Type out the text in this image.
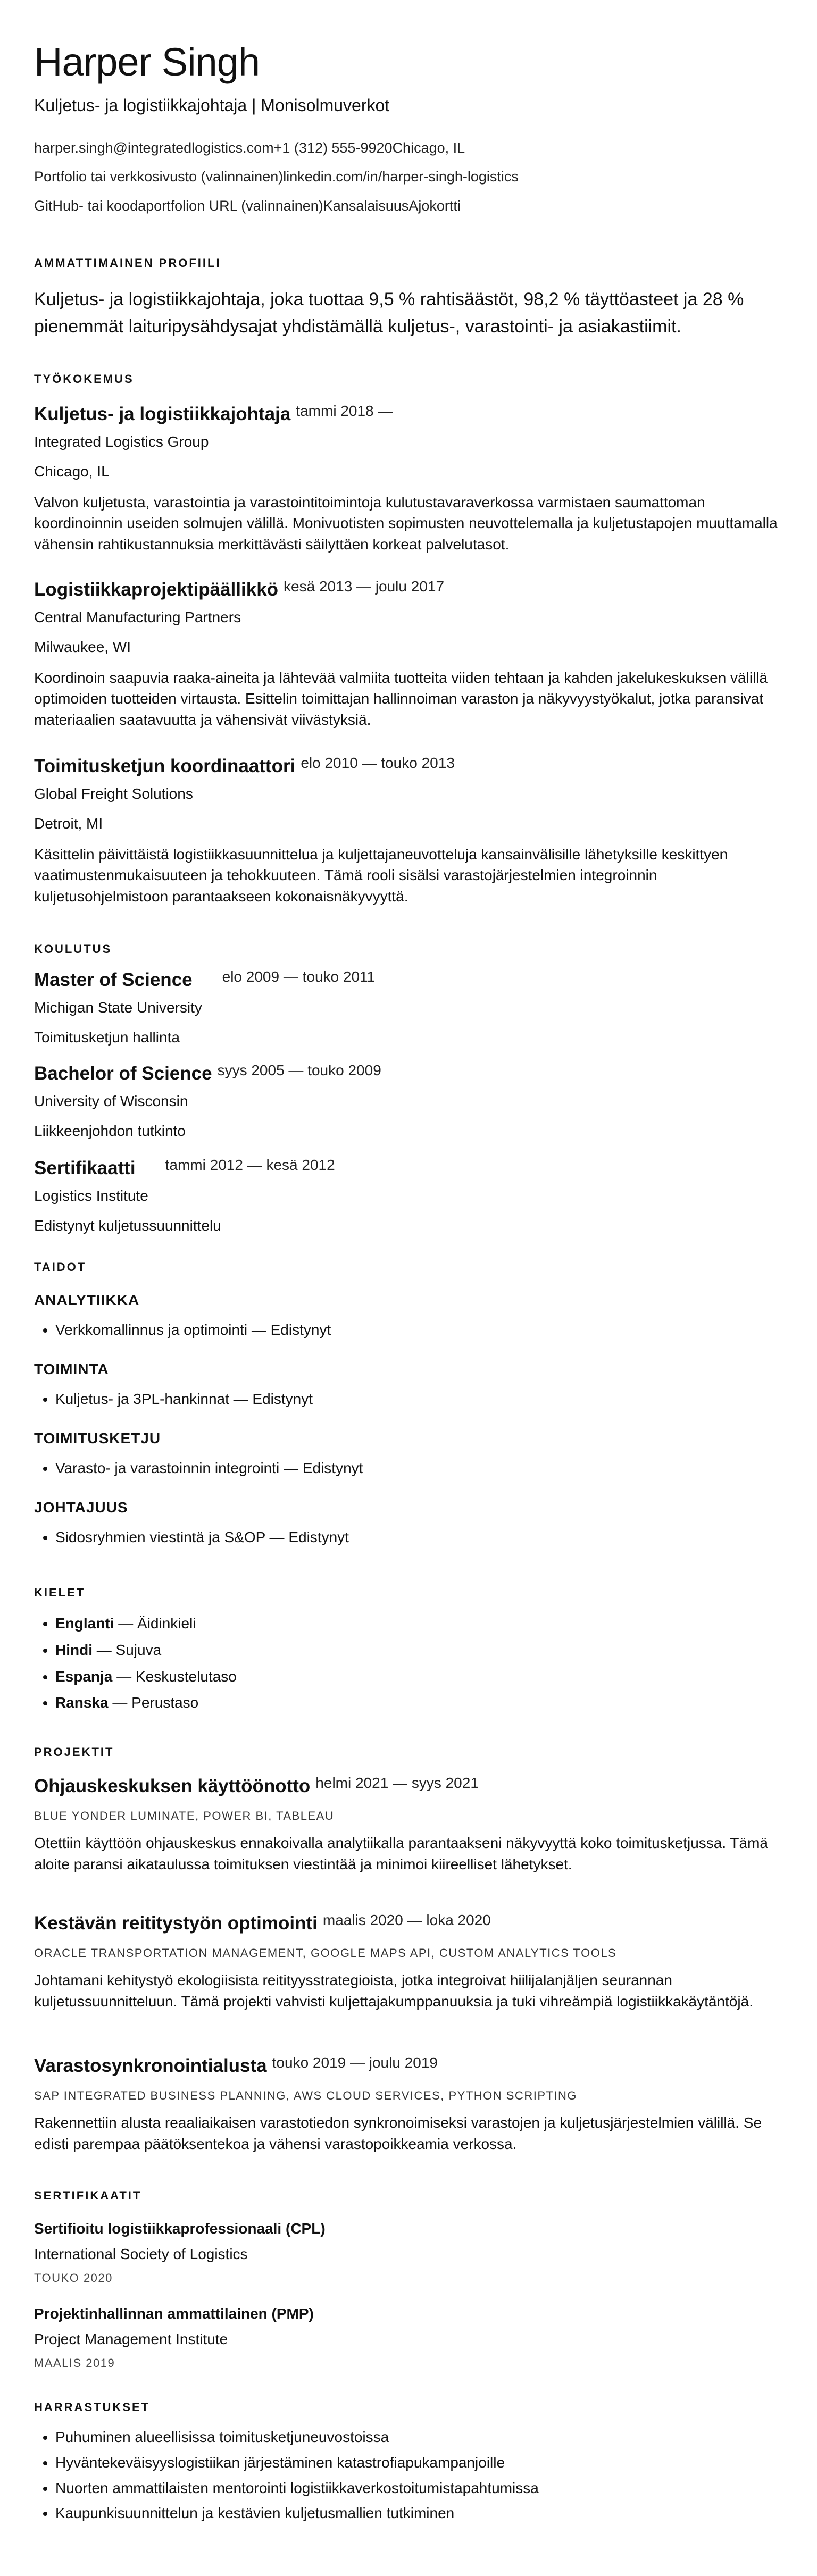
Harper Singh
Kuljetus- ja logistiikkajohtaja | Monisolmuverkot
harper.singh@integratedlogistics.com+1 (312) 555-9920Chicago, IL
Portfolio tai verkkosivusto (valinnainen)linkedin.com/in/harper-singh-logistics
GitHub- tai koodaportfolion URL (valinnainen)KansalaisuusAjokortti
AMMATTIMAINEN PROFIILI
Kuljetus- ja logistiikkajohtaja, joka tuottaa 9,5 % rahtisäästöt, 98,2 % täyttöasteet ja 28 % pienemmät laituripysähdysajat yhdistämällä kuljetus-, varastointi- ja asiakastiimit.
TYÖKOKEMUS
Kuljetus- ja logistiikkajohtaja tammi 2018 —
Integrated Logistics Group
Chicago, IL
Valvon kuljetusta, varastointia ja varastointitoimintoja kulutustavaraverkossa varmistaen saumattoman koordinoinnin useiden solmujen välillä. Monivuotisten sopimusten neuvottelemalla ja kuljetustapojen muuttamalla vähensin rahtikustannuksia merkittävästi säilyttäen korkeat palvelutasot.
Logistiikkaprojektipäällikkö kesä 2013 — joulu 2017
Central Manufacturing Partners
Milwaukee, WI
Koordinoin saapuvia raaka-aineita ja lähtevää valmiita tuotteita viiden tehtaan ja kahden jakelukeskuksen välillä optimoiden tuotteiden virtausta. Esittelin toimittajan hallinnoiman varaston ja näkyvyystyökalut, jotka paransivat materiaalien saatavuutta ja vähensivät viivästyksiä.
Toimitusketjun koordinaattori elo 2010 — touko 2013
Global Freight Solutions
Detroit, MI
Käsittelin päivittäistä logistiikkasuunnittelua ja kuljettajaneuvotteluja kansainvälisille lähetyksille keskittyen vaatimustenmukaisuuteen ja tehokkuuteen. Tämä rooli sisälsi varastojärjestelmien integroinnin kuljetusohjelmistoon parantaakseen kokonaisnäkyvyyttä.
KOULUTUS
Master of Science elo 2009 — touko 2011
Michigan State University
Toimitusketjun hallinta
Bachelor of Science syys 2005 — touko 2009
University of Wisconsin
Liikkeenjohdon tutkinto
Sertifikaatti tammi 2012 — kesä 2012
Logistics Institute
Edistynyt kuljetussuunnittelu
TAIDOT
ANALYTIIKKA
• Verkkomallinnus ja optimointi — Edistynyt
TOIMINTA
• Kuljetus- ja 3PL-hankinnat — Edistynyt
TOIMITUSKETJU
• Varasto- ja varastoinnin integrointi — Edistynyt
JOHTAJUUS
• Sidosryhmien viestintä ja S&OP — Edistynyt
KIELET
• Englanti — Äidinkieli
• Hindi — Sujuva
• Espanja — Keskustelutaso
• Ranska — Perustaso
PROJEKTIT
Ohjauskeskuksen käyttöönotto helmi 2021 — syys 2021
BLUE YONDER LUMINATE, POWER BI, TABLEAU
Otettiin käyttöön ohjauskeskus ennakoivalla analytiikalla parantaakseni näkyvyyttä koko toimitusketjussa. Tämä aloite paransi aikataulussa toimituksen viestintää ja minimoi kiireelliset lähetykset.
Kestävän reititystyön optimointi maalis 2020 — loka 2020
ORACLE TRANSPORTATION MANAGEMENT, GOOGLE MAPS API, CUSTOM ANALYTICS TOOLS
Johtamani kehitystyö ekologiisista reitityysstrategioista, jotka integroivat hiilijalanjäljen seurannan kuljetussuunnitteluun. Tämä projekti vahvisti kuljettajakumppanuuksia ja tuki vihreämpiä logistiikkakäytäntöjä.
Varastosynkronointialusta touko 2019 — joulu 2019
SAP INTEGRATED BUSINESS PLANNING, AWS CLOUD SERVICES, PYTHON SCRIPTING
Rakennettiin alusta reaaliaikaisen varastotiedon synkronoimiseksi varastojen ja kuljetusjärjestelmien välillä. Se edisti parempaa päätöksentekoa ja vähensi varastopoikkeamia verkossa.
SERTIFIKAATIT
Sertifioitu logistiikkaprofessionaali (CPL)
International Society of Logistics
TOUKO 2020
Projektinhallinnan ammattilainen (PMP)
Project Management Institute
MAALIS 2019
HARRASTUKSET
• Puhuminen alueellisissa toimitusketjuneuvostoissa
• Hyväntekeväisyyslogistiikan järjestäminen katastrofiapukampanjoille
• Nuorten ammattilaisten mentorointi logistiikkaverkostoitumistapahtumissa
• Kaupunkisuunnittelun ja kestävien kuljetusmallien tutkiminen
